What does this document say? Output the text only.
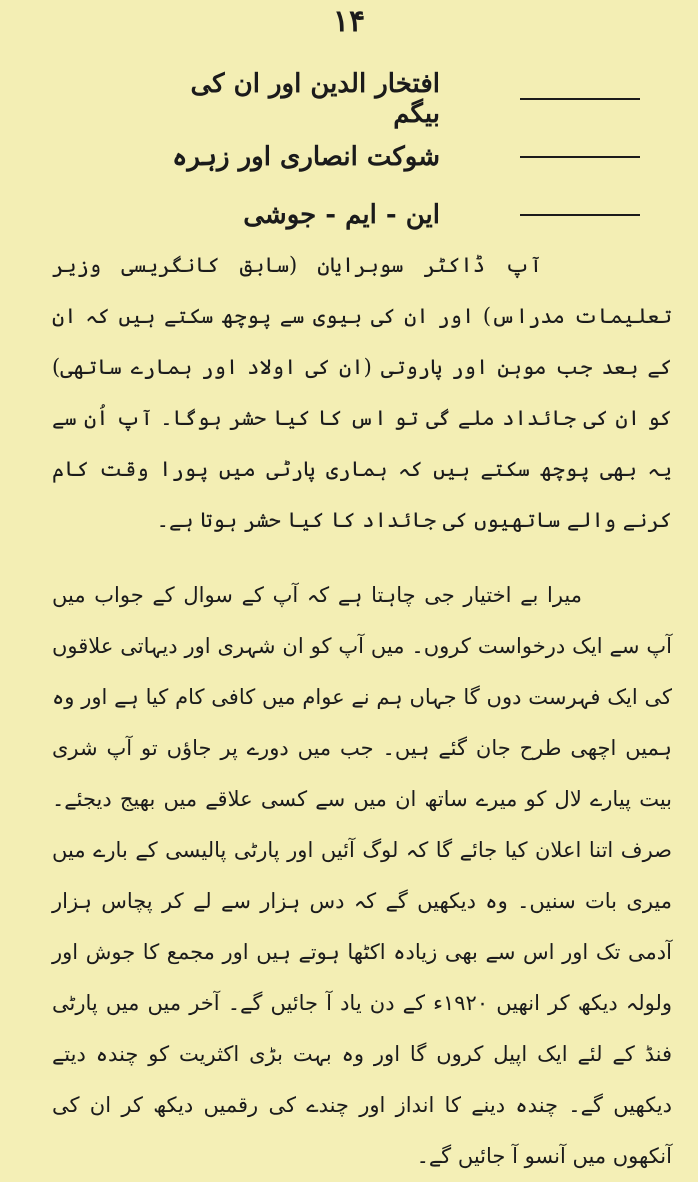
۱۴
افتخار الدین اور ان کی بیگم
شوکت انصاری اور زہرہ
این - ایم - جوشی

آپ ڈاکٹر سوبرایان (سابق کانگریسی وزیر تعلیمات مدراس) اور ان کی بیوی سے پوچھ سکتے ہیں کہ ان کے بعد جب موہن اور پاروتی (ان کی اولاد اور ہمارے ساتھی) کو ان کی جائداد ملے گی تو اس کا کیا حشر ہوگا۔ آپ اُن سے یہ بھی پوچھ سکتے ہیں کہ ہماری پارٹی میں پورا وقت کام کرنے والے ساتھیوں کی جائداد کا کیا حشر ہوتا ہے۔

میرا بے اختیار جی چاہتا ہے کہ آپ کے سوال کے جواب میں آپ سے ایک درخواست کروں۔ میں آپ کو ان شہری اور دیہاتی علاقوں کی ایک فہرست دوں گا جہاں ہم نے عوام میں کافی کام کیا ہے اور وہ ہمیں اچھی طرح جان گئے ہیں۔ جب میں دورے پر جاؤں تو آپ شری بیت پیارے لال کو میرے ساتھ ان میں سے کسی علاقے میں بھیج دیجئے۔ صرف اتنا اعلان کیا جائے گا کہ لوگ آئیں اور پارٹی پالیسی کے بارے میں میری بات سنیں۔ وہ دیکھیں گے کہ دس ہزار سے لے کر پچاس ہزار آدمی تک اور اس سے بھی زیادہ اکٹھا ہوتے ہیں اور مجمع کا جوش اور ولولہ دیکھ کر انھیں ۱۹۲۰ء کے دن یاد آ جائیں گے۔ آخر میں میں پارٹی فنڈ کے لئے ایک اپیل کروں گا اور وہ بہت بڑی اکثریت کو چندہ دیتے دیکھیں گے۔ چندہ دینے کا انداز اور چندے کی رقمیں دیکھ کر ان کی آنکھوں میں آنسو آ جائیں گے۔
